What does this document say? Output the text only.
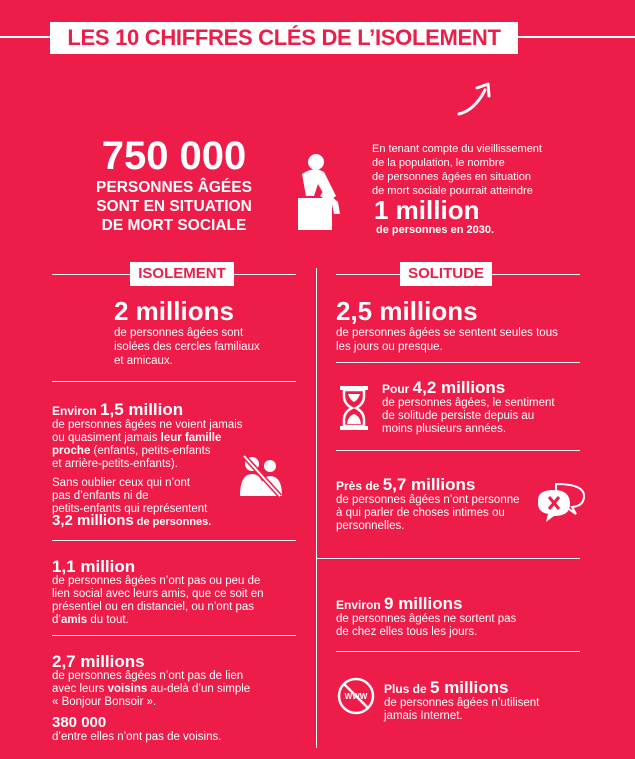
LES 10 CHIFFRES CLÉS DE L’ISOLEMENT
750 000
PERSONNES ÂGÉES
SONT EN SITUATION
DE MORT SOCIALE
En tenant compte du vieillissement
de la population, le nombre
de personnes âgées en situation
de mort sociale pourrait atteindre
1 million
de personnes en 2030.
ISOLEMENT	SOLITUDE
2 millions
de personnes âgées sont
isolées des cercles familiaux
et amicaux.
Environ 1,5 million
de personnes âgées ne voient jamais
ou quasiment jamais leur famille
proche (enfants, petits-enfants
et arrière-petits-enfants).
Sans oublier ceux qui n’ont
pas d’enfants ni de
petits-enfants qui représentent
3,2 millions de personnes.
1,1 million
de personnes âgées n’ont pas ou peu de
lien social avec leurs amis, que ce soit en
présentiel ou en distanciel, ou n’ont pas
d’amis du tout.
2,7 millions
de personnes âgées n’ont pas de lien
avec leurs voisins au-delà d’un simple
« Bonjour Bonsoir ».
380 000
d’entre elles n’ont pas de voisins.
2,5 millions
de personnes âgées se sentent seules tous
les jours ou presque.
Pour 4,2 millions
de personnes âgées, le sentiment
de solitude persiste depuis au
moins plusieurs années.
Près de 5,7 millions
de personnes âgées n’ont personne
à qui parler de choses intimes ou
personnelles.
Environ 9 millions
de personnes âgées ne sortent pas
de chez elles tous les jours.
WWW
Plus de 5 millions
de personnes âgées n’utilisent
jamais Internet.
